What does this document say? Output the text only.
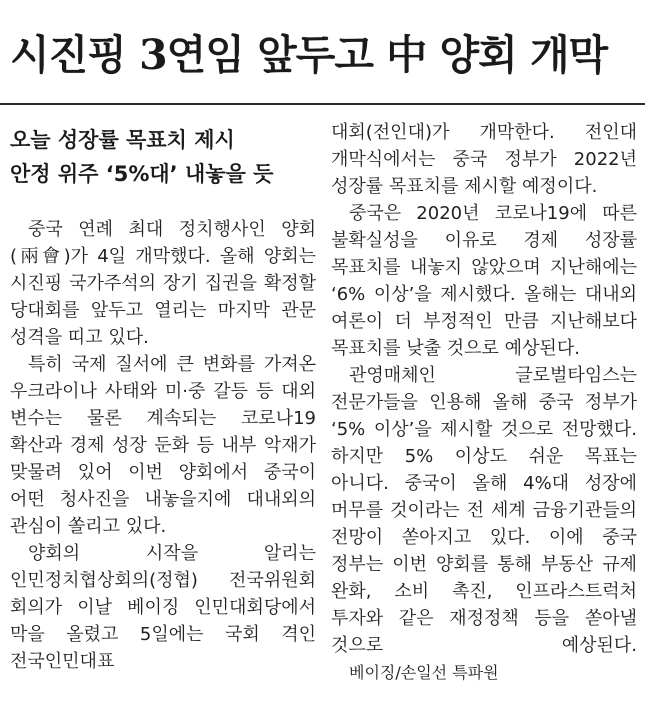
시진핑 3연임 앞두고 中 양회 개막
오늘 성장률 목표치 제시
안정 위주 ‘5%대’ 내놓을 듯

중국 연례 최대 정치행사인 양회(兩會)가 4일 개막했다. 올해 양회는 시진핑 국가주석의 장기 집권을 확정할 당대회를 앞두고 열리는 마지막 관문 성격을 띠고 있다.

특히 국제 질서에 큰 변화를 가져온 우크라이나 사태와 미·중 갈등 등 대외 변수는 물론 계속되는 코로나19 확산과 경제 성장 둔화 등 내부 악재가 맞물려 있어 이번 양회에서 중국이 어떤 청사진을 내놓을지에 대내외의 관심이 쏠리고 있다.

양회의 시작을 알리는 인민정치협상회의(정협) 전국위원회 회의가 이날 베이징 인민대회당에서 막을 올렸고 5일에는 국회 격인 전국인민대표

대회(전인대)가 개막한다. 전인대 개막식에서는 중국 정부가 2022년 성장률 목표치를 제시할 예정이다.

중국은 2020년 코로나19에 따른 불확실성을 이유로 경제 성장률 목표치를 내놓지 않았으며 지난해에는 ‘6% 이상’을 제시했다. 올해는 대내외 여론이 더 부정적인 만큼 지난해보다 목표치를 낮출 것으로 예상된다.

관영매체인 글로벌타임스는 전문가들을 인용해 올해 중국 정부가 ‘5% 이상’을 제시할 것으로 전망했다. 하지만 5% 이상도 쉬운 목표는 아니다. 중국이 올해 4%대 성장에 머무를 것이라는 전 세계 금융기관들의 전망이 쏟아지고 있다. 이에 중국 정부는 이번 양회를 통해 부동산 규제 완화, 소비 촉진, 인프라스트럭처 투자와 같은 재정정책 등을 쏟아낼 것으로 예상된다. 베이징/손일선 특파원
